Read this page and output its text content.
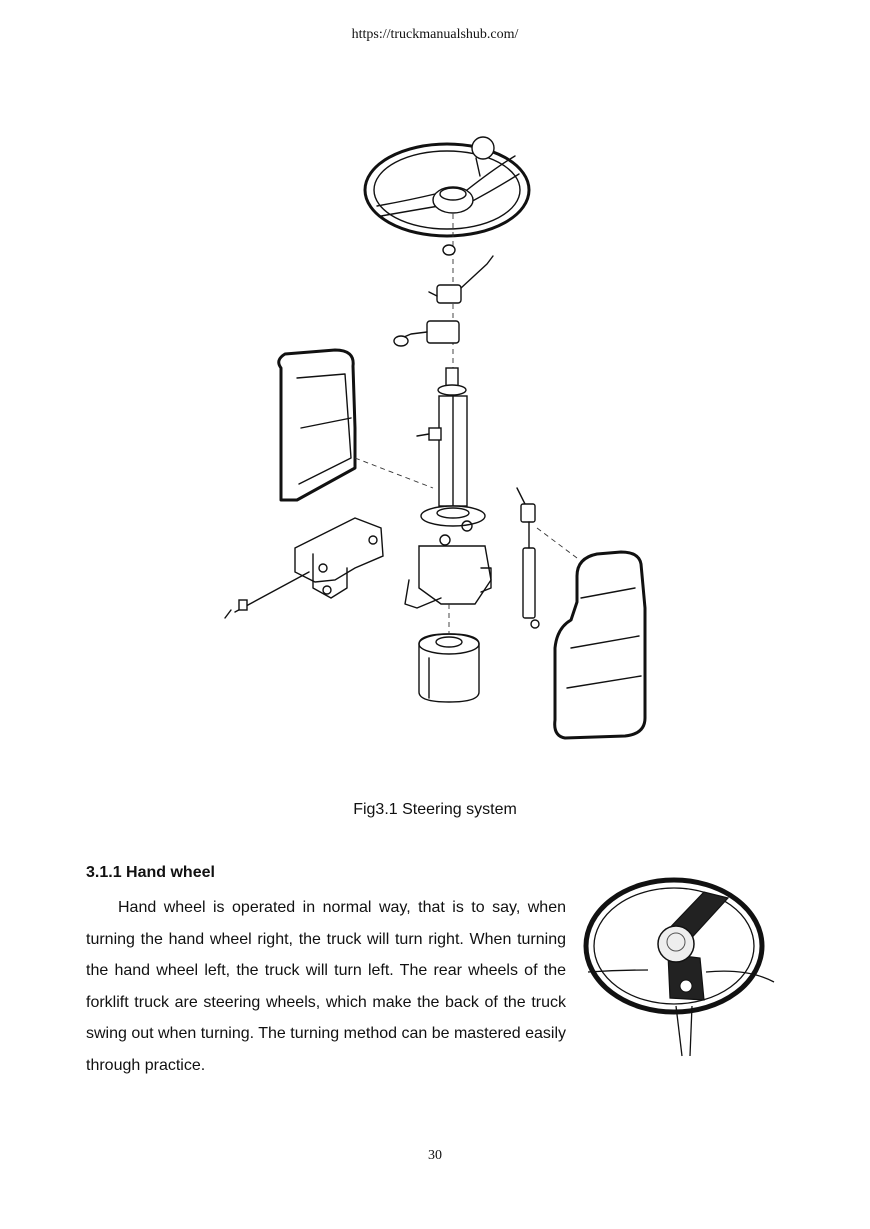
https://truckmanualshub.com/
Fig3.1 Steering system
3.1.1 Hand wheel
Hand wheel is operated in normal way, that is to say, when turning the hand wheel right, the truck will turn right. When turning the hand wheel left, the truck will turn left. The rear wheels of the forklift truck are steering wheels, which make the back of the truck swing out when turning. The turning method can be mastered easily through practice.
30
